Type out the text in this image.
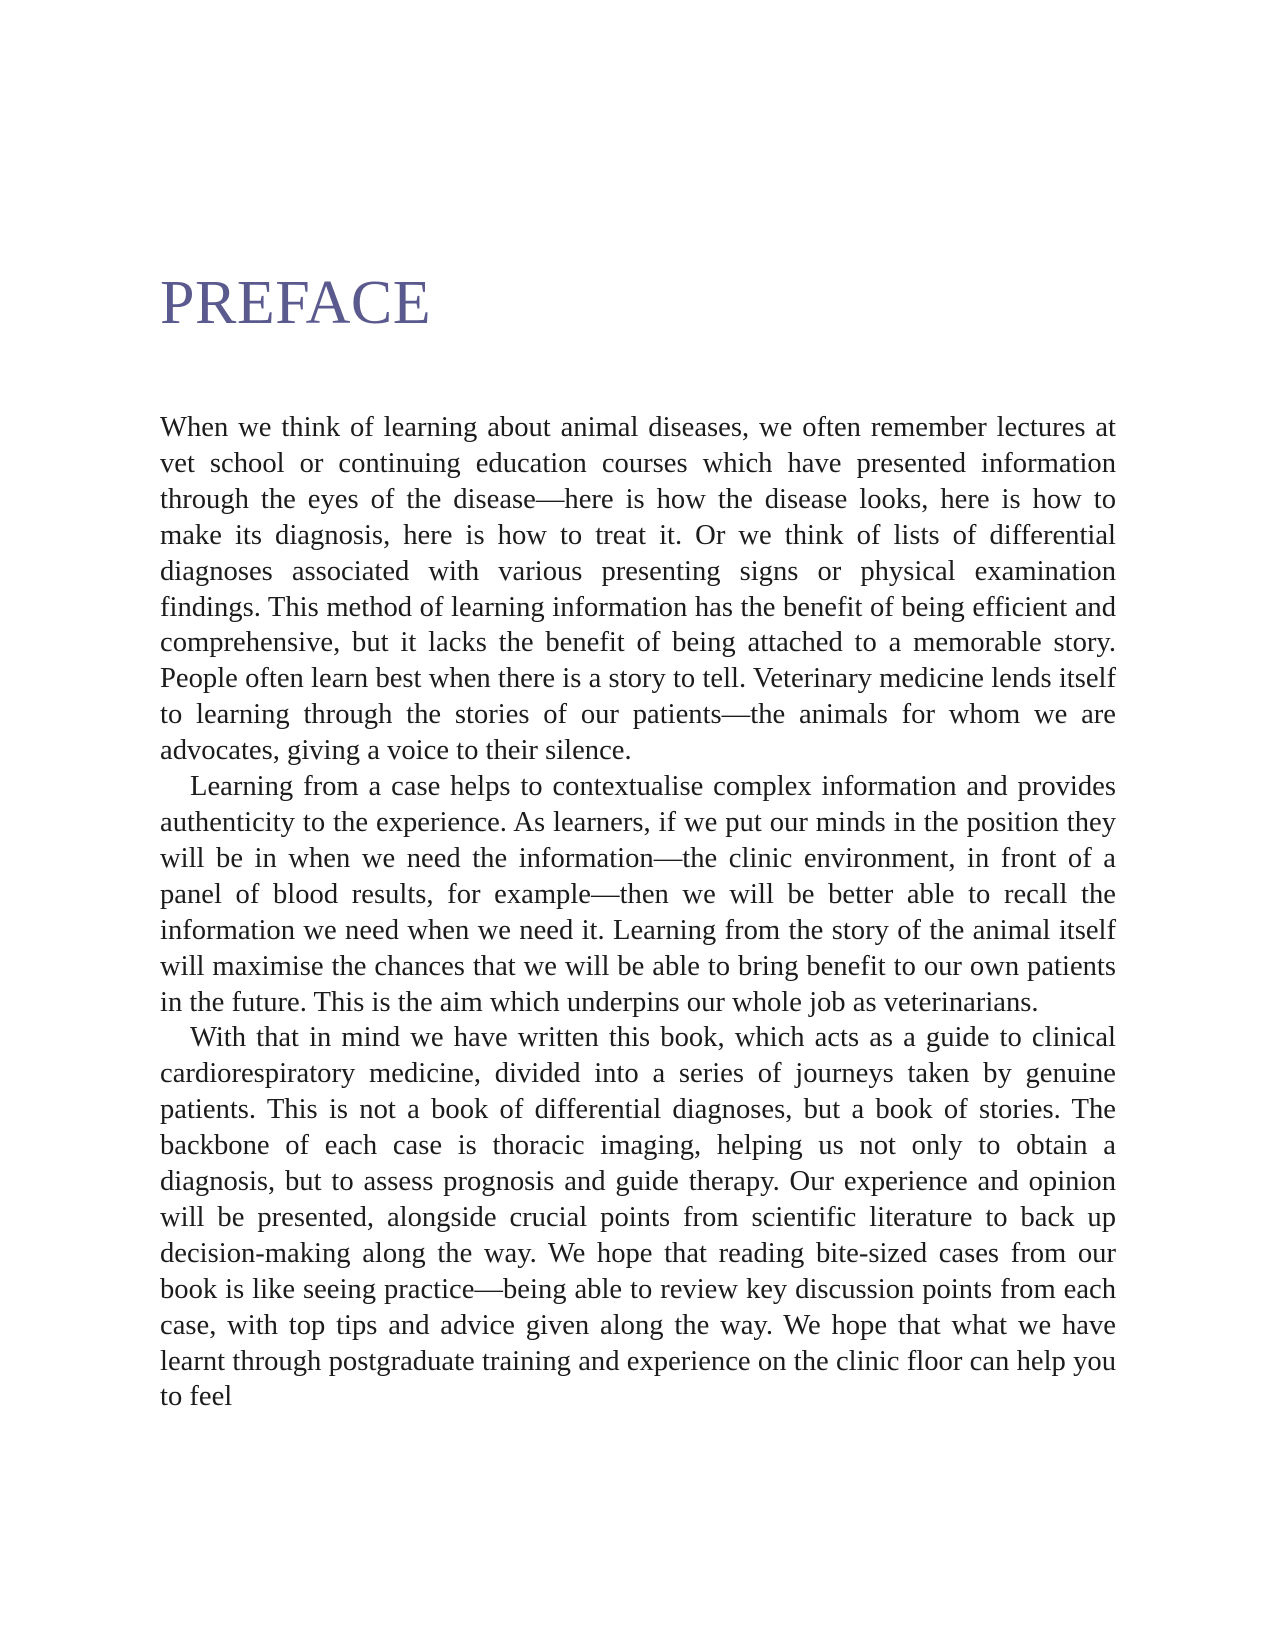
PREFACE

When we think of learning about animal diseases, we often remember lectures at vet school or continuing education courses which have presented information through the eyes of the disease—here is how the disease looks, here is how to make its diagnosis, here is how to treat it. Or we think of lists of differential diagnoses associated with various presenting signs or physical examination findings. This method of learning information has the benefit of being efficient and comprehensive, but it lacks the benefit of being attached to a memorable story. People often learn best when there is a story to tell. Veterinary medicine lends itself to learning through the stories of our patients—the animals for whom we are advocates, giving a voice to their silence.

Learning from a case helps to contextualise complex information and provides authenticity to the experience. As learners, if we put our minds in the position they will be in when we need the information—the clinic environment, in front of a panel of blood results, for example—then we will be better able to recall the information we need when we need it. Learning from the story of the animal itself will maximise the chances that we will be able to bring benefit to our own patients in the future. This is the aim which underpins our whole job as veterinarians.

With that in mind we have written this book, which acts as a guide to clinical cardiorespiratory medicine, divided into a series of journeys taken by genuine patients. This is not a book of differential diagnoses, but a book of stories. The backbone of each case is thoracic imaging, helping us not only to obtain a diagnosis, but to assess prognosis and guide therapy. Our experience and opinion will be presented, alongside crucial points from scientific literature to back up decision-making along the way. We hope that reading bite-sized cases from our book is like seeing practice—being able to review key discussion points from each case, with top tips and advice given along the way. We hope that what we have learnt through postgraduate training and experience on the clinic floor can help you to feel
